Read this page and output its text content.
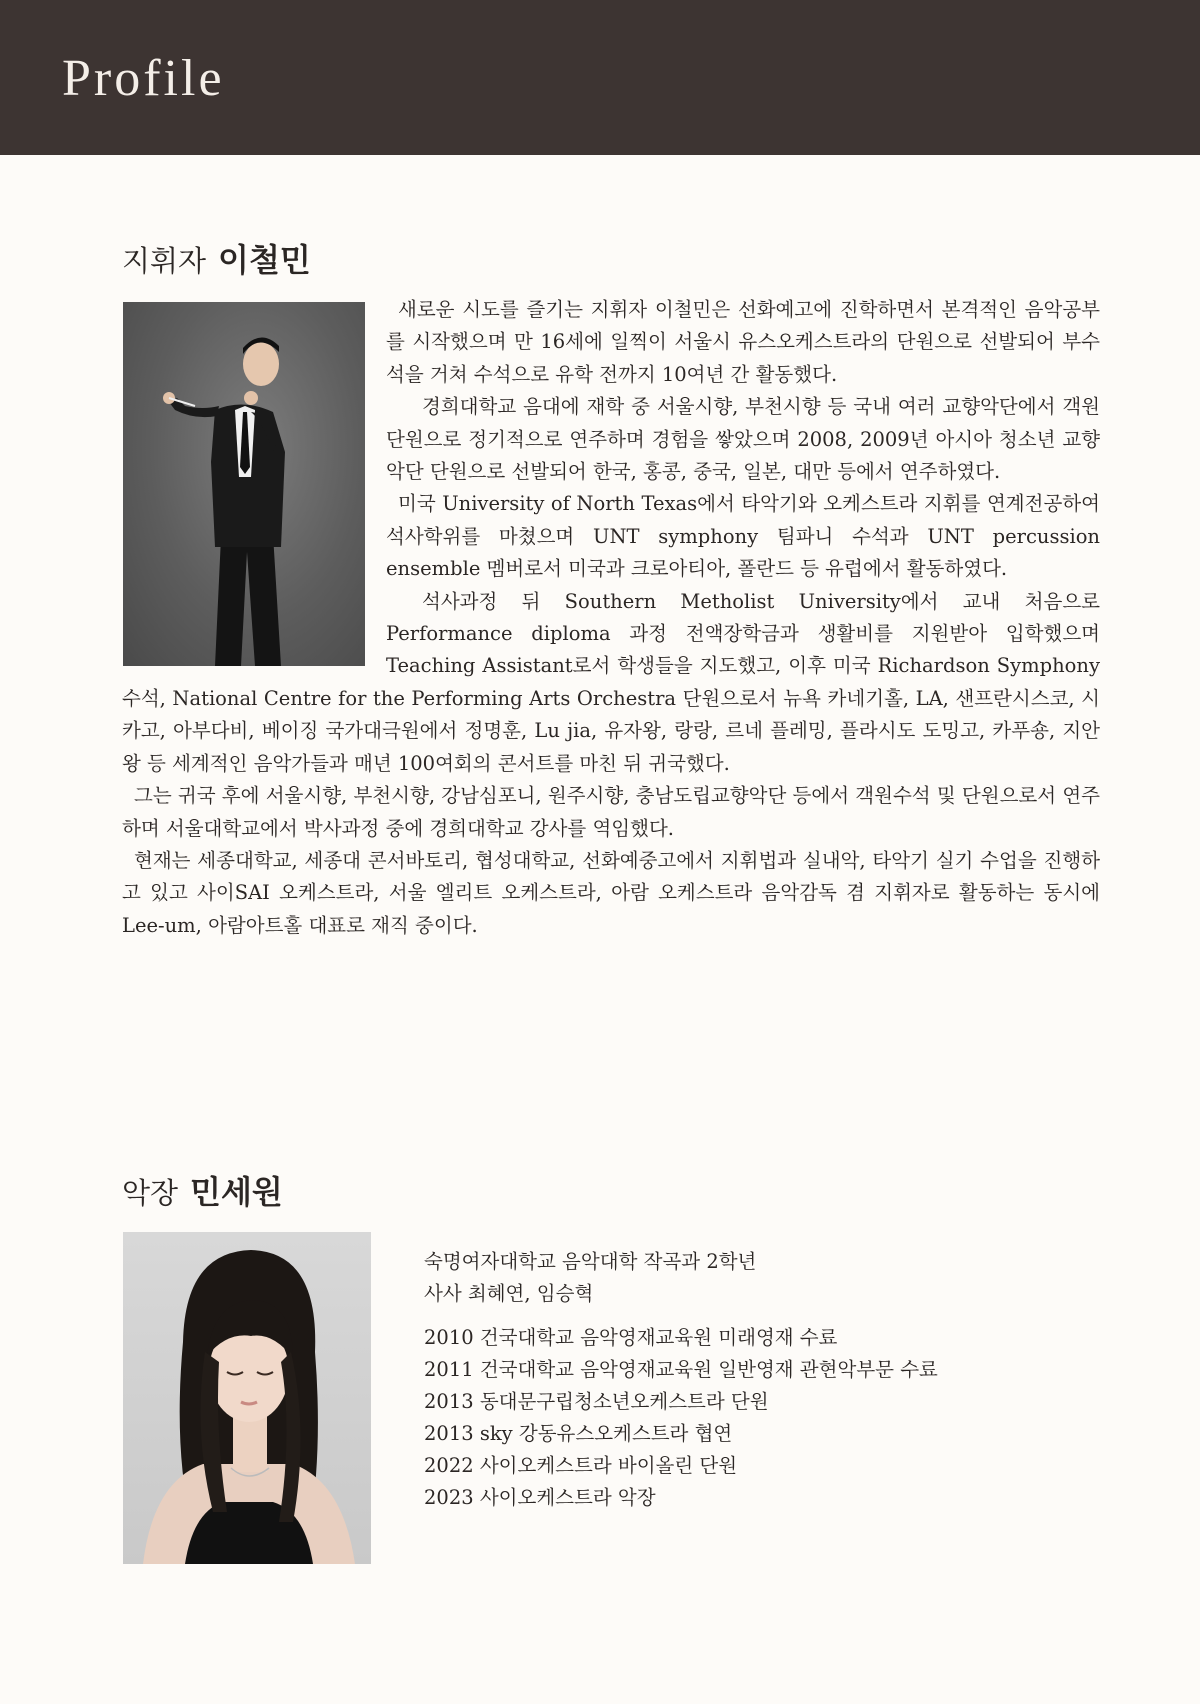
Profile
지휘자 이철민

새로운 시도를 즐기는 지휘자 이철민은 선화예고에 진학하면서 본격적인 음악공부를 시작했으며 만 16세에 일찍이 서울시 유스오케스트라의 단원으로 선발되어 부수석을 거쳐 수석으로 유학 전까지 10여년 간 활동했다.

경희대학교 음대에 재학 중 서울시향, 부천시향 등 국내 여러 교향악단에서 객원단원으로 정기적으로 연주하며 경험을 쌓았으며 2008, 2009년 아시아 청소년 교향악단 단원으로 선발되어 한국, 홍콩, 중국, 일본, 대만 등에서 연주하였다.

미국 University of North Texas에서 타악기와 오케스트라 지휘를 연계전공하여 석사학위를 마쳤으며 UNT symphony 팀파니 수석과 UNT percussion ensemble 멤버로서 미국과 크로아티아, 폴란드 등 유럽에서 활동하였다.

석사과정 뒤 Southern Metholist University에서 교내 처음으로 Performance diploma 과정 전액장학금과 생활비를 지원받아 입학했으며 Teaching Assistant로서 학생들을 지도했고, 이후 미국 Richardson Symphony 수석, National Centre for the Performing Arts Orchestra 단원으로서 뉴욕 카네기홀, LA, 샌프란시스코, 시카고, 아부다비, 베이징 국가대극원에서 정명훈, Lu jia, 유자왕, 랑랑, 르네 플레밍, 플라시도 도밍고, 카푸숑, 지안왕 등 세계적인 음악가들과 매년 100여회의 콘서트를 마친 뒤 귀국했다.

그는 귀국 후에 서울시향, 부천시향, 강남심포니, 원주시향, 충남도립교향악단 등에서 객원수석 및 단원으로서 연주하며 서울대학교에서 박사과정 중에 경희대학교 강사를 역임했다.

현재는 세종대학교, 세종대 콘서바토리, 협성대학교, 선화예중고에서 지휘법과 실내악, 타악기 실기 수업을 진행하고 있고 사이SAI 오케스트라, 서울 엘리트 오케스트라, 아람 오케스트라 음악감독 겸 지휘자로 활동하는 동시에 Lee-um, 아람아트홀 대표로 재직 중이다.

악장 민세원
숙명여자대학교 음악대학 작곡과 2학년
사사 최혜연, 임승혁
2010 건국대학교 음악영재교육원 미래영재 수료
2011 건국대학교 음악영재교육원 일반영재 관현악부문 수료
2013 동대문구립청소년오케스트라 단원
2013 sky 강동유스오케스트라 협연
2022 사이오케스트라 바이올린 단원
2023 사이오케스트라 악장
